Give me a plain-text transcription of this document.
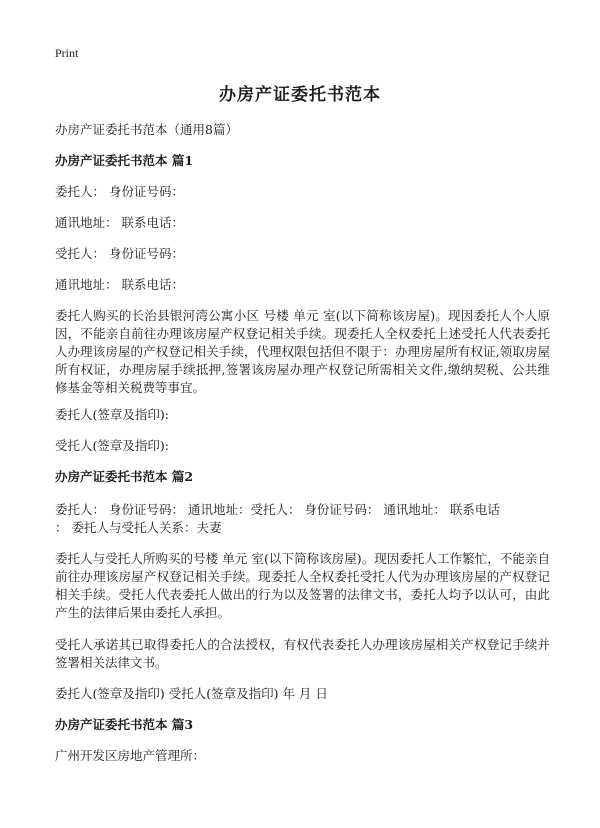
Print
办房产证委托书范本

办房产证委托书范本（通用8篇）

办房产证委托书范本 篇1

委托人： 身份证号码：

通讯地址： 联系电话：

受托人： 身份证号码：

通讯地址： 联系电话：

委托人购买的长治县银河湾公寓小区 号楼 单元 室(以下简称该房屋)。现因委托人个人原因，不能亲自前往办理该房屋产权登记相关手续。现委托人全权委托上述受托人代表委托人办理该房屋的产权登记相关手续，代理权限包括但不限于：办理房屋所有权证,领取房屋所有权证，办理房屋手续抵押,签署该房屋办理产权登记所需相关文件,缴纳契税、公共维修基金等相关税费等事宜。

委托人(签章及指印):

受托人(签章及指印):

办房产证委托书范本 篇2

委托人： 身份证号码： 通讯地址：受托人： 身份证号码： 通讯地址： 联系电话

： 委托人与受托人关系：夫妻

委托人与受托人所购买的号楼 单元 室(以下简称该房屋)。现因委托人工作繁忙，不能亲自前往办理该房屋产权登记相关手续。现委托人全权委托受托人代为办理该房屋的产权登记相关手续。受托人代表委托人做出的行为以及签署的法律文书，委托人均予以认可，由此产生的法律后果由委托人承担。

受托人承诺其已取得委托人的合法授权，有权代表委托人办理该房屋相关产权登记手续并签署相关法律文书。

委托人(签章及指印) 受托人(签章及指印) 年 月 日

办房产证委托书范本 篇3

广州开发区房地产管理所：
